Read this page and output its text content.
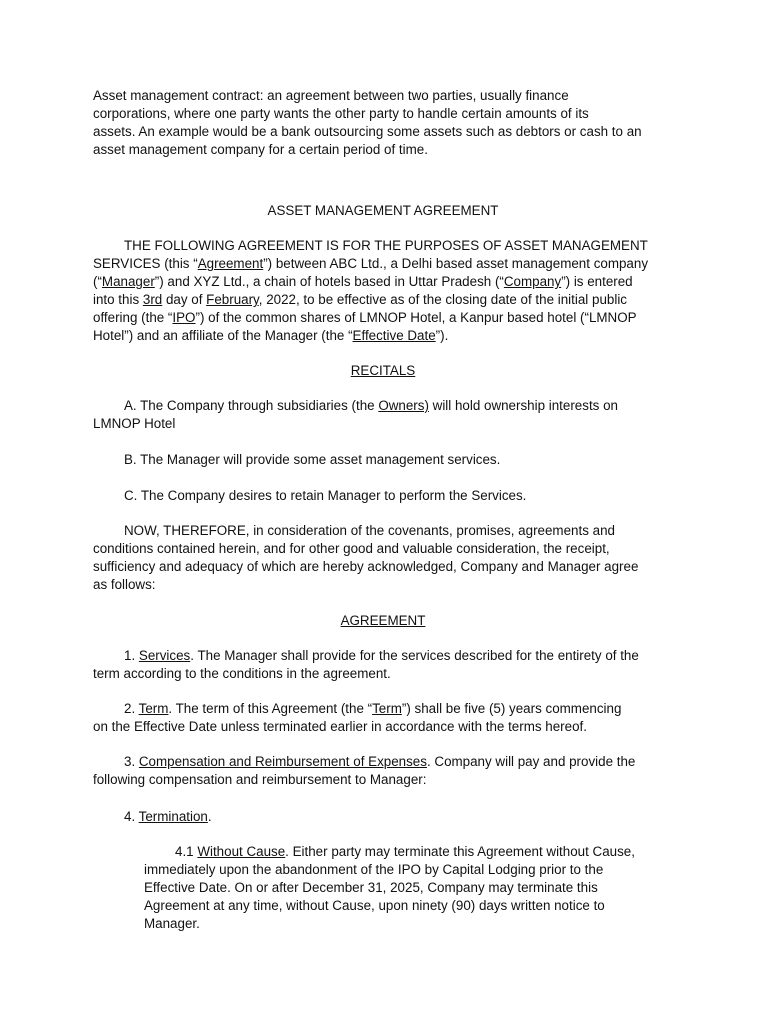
Asset management contract: an agreement between two parties, usually finance
corporations, where one party wants the other party to handle certain amounts of its
assets. An example would be a bank outsourcing some assets such as debtors or cash to an
asset management company for a certain period of time.
ASSET MANAGEMENT AGREEMENT
THE FOLLOWING AGREEMENT IS FOR THE PURPOSES OF ASSET MANAGEMENT
SERVICES (this “Agreement”) between ABC Ltd., a Delhi based asset management company
(“Manager”) and XYZ Ltd., a chain of hotels based in Uttar Pradesh (“Company”) is entered
into this 3rd day of February, 2022, to be effective as of the closing date of the initial public
offering (the “IPO”) of the common shares of LMNOP Hotel, a Kanpur based hotel (“LMNOP
Hotel”) and an affiliate of the Manager (the “Effective Date”).
RECITALS
A. The Company through subsidiaries (the Owners) will hold ownership interests on
LMNOP Hotel
B. The Manager will provide some asset management services.
C. The Company desires to retain Manager to perform the Services.
NOW, THEREFORE, in consideration of the covenants, promises, agreements and
conditions contained herein, and for other good and valuable consideration, the receipt,
sufficiency and adequacy of which are hereby acknowledged, Company and Manager agree
as follows:
AGREEMENT
1. Services. The Manager shall provide for the services described for the entirety of the
term according to the conditions in the agreement.
2. Term. The term of this Agreement (the “Term”) shall be five (5) years commencing
on the Effective Date unless terminated earlier in accordance with the terms hereof.
3. Compensation and Reimbursement of Expenses. Company will pay and provide the
following compensation and reimbursement to Manager:
4. Termination.
4.1 Without Cause. Either party may terminate this Agreement without Cause,
immediately upon the abandonment of the IPO by Capital Lodging prior to the
Effective Date. On or after December 31, 2025, Company may terminate this
Agreement at any time, without Cause, upon ninety (90) days written notice to
Manager.
